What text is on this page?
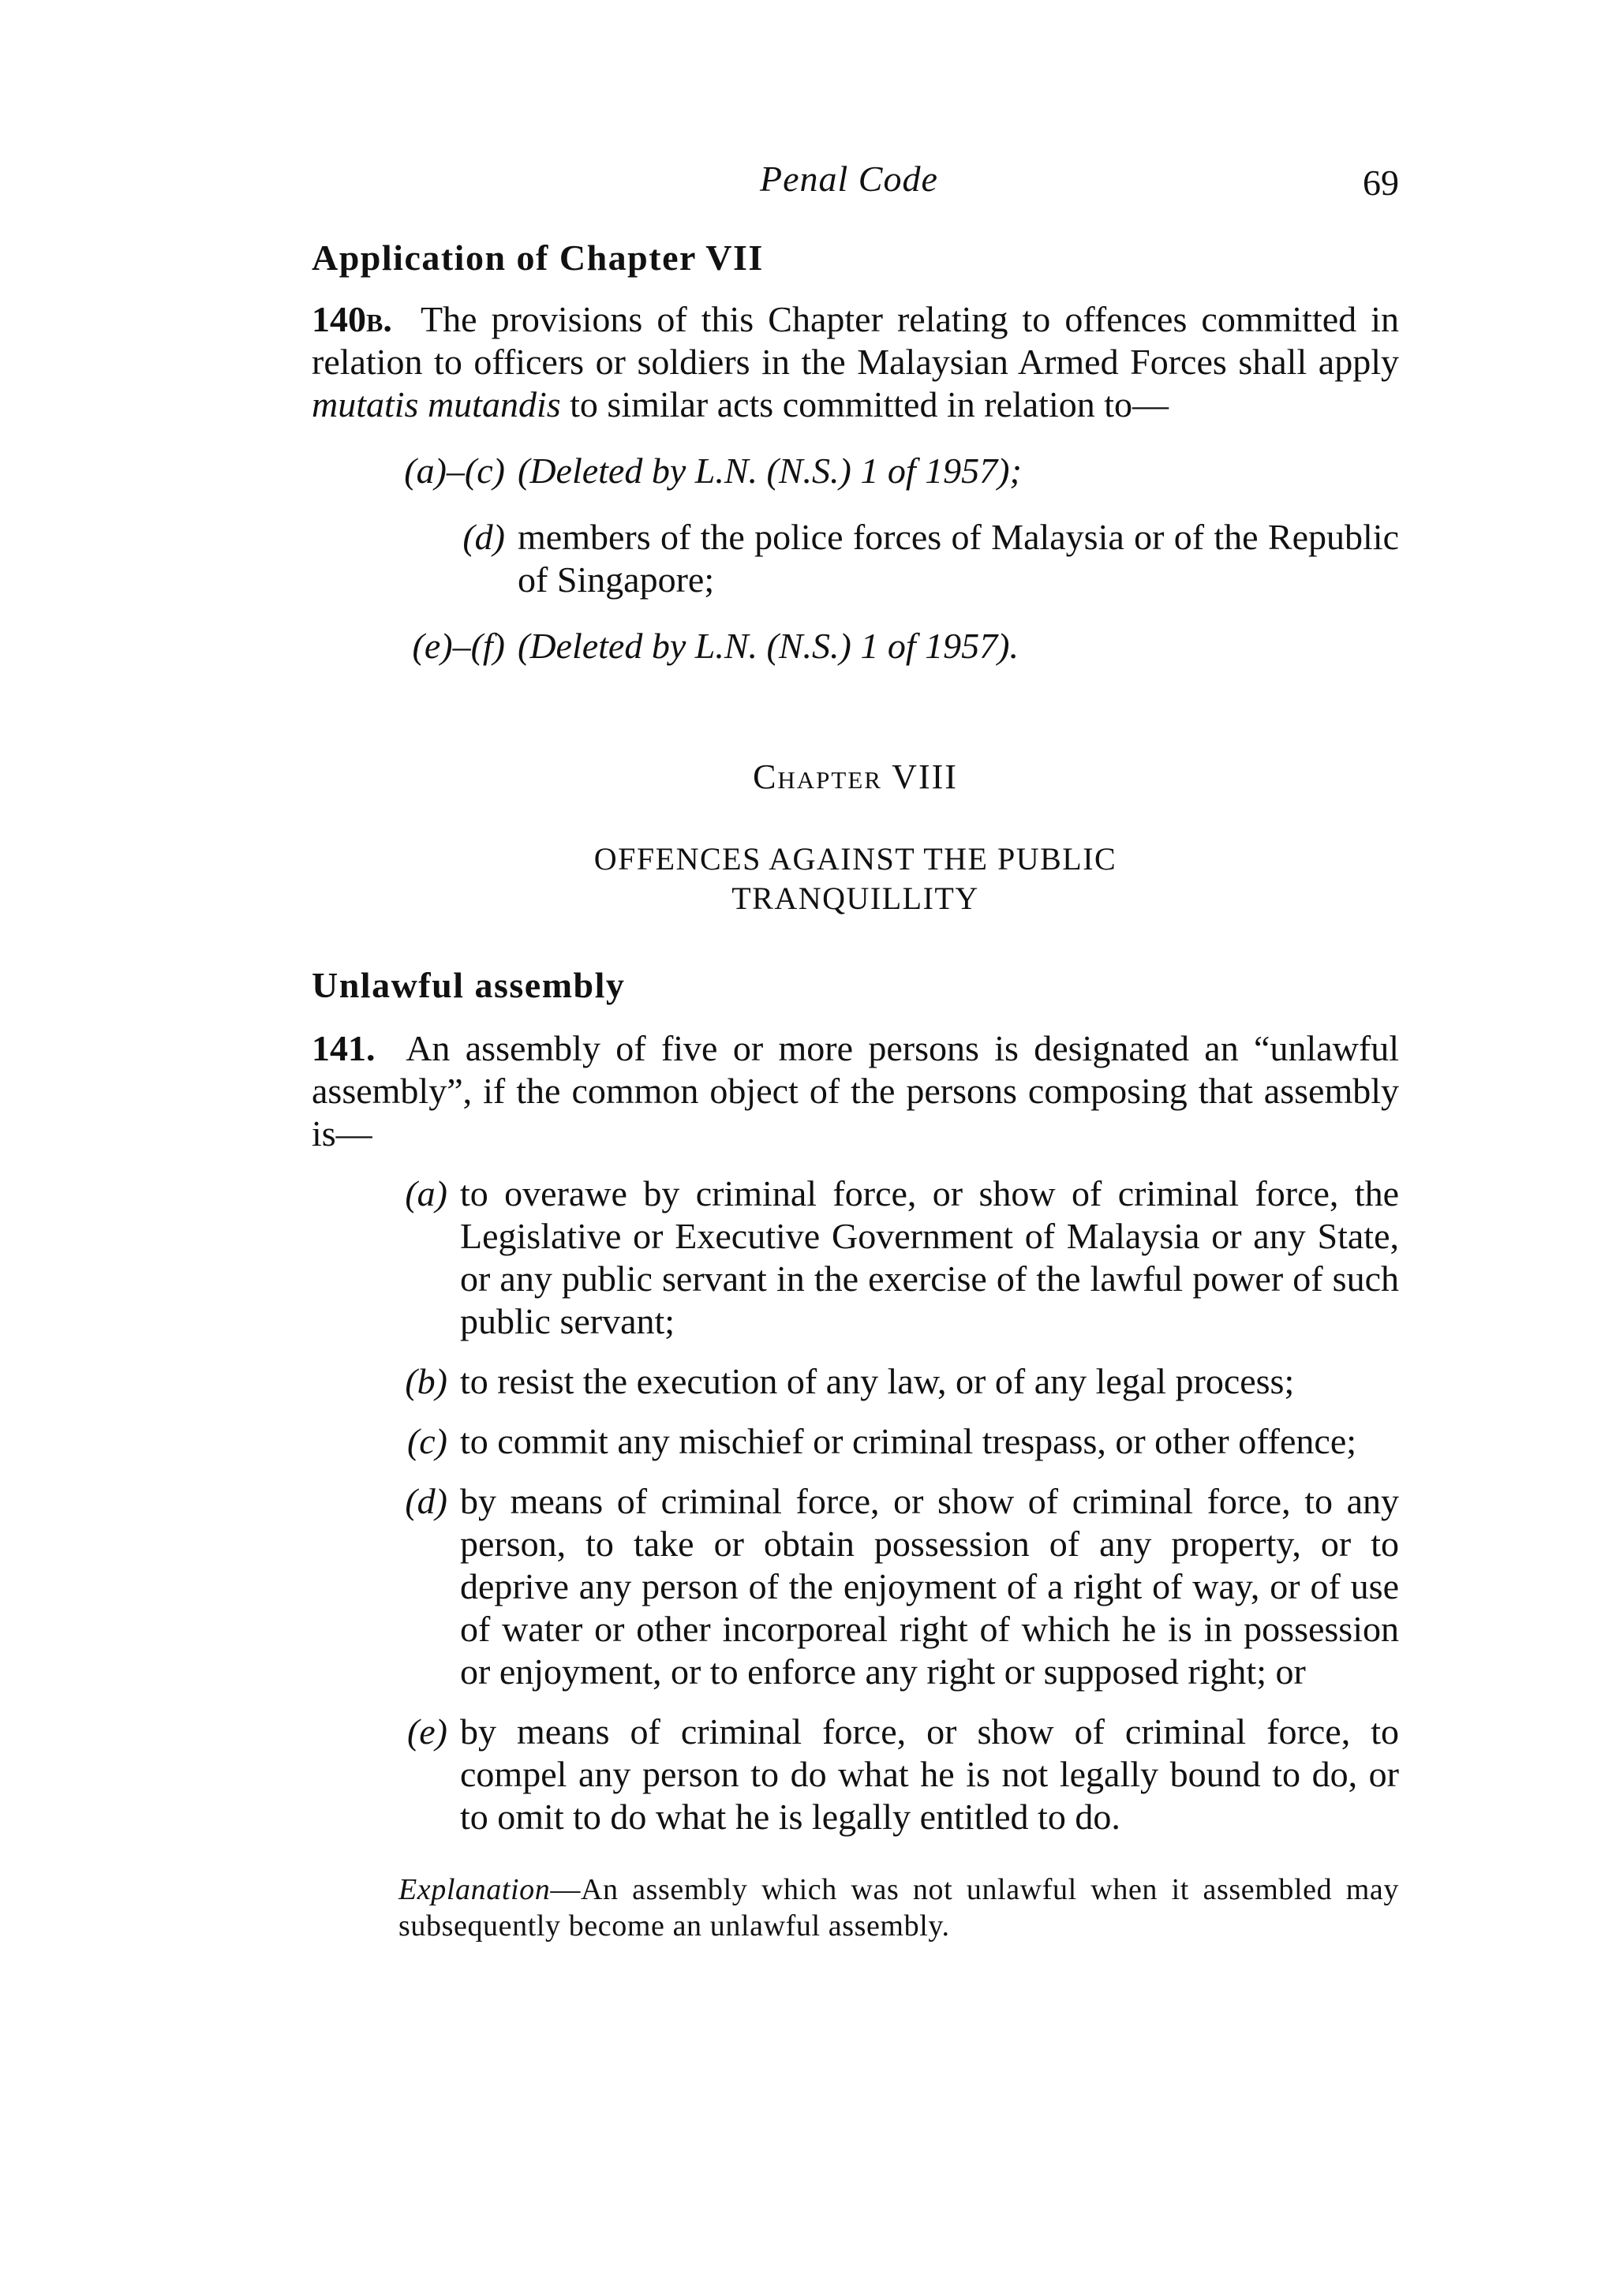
Penal Code	69
Application of Chapter VII

140b. The provisions of this Chapter relating to offences committed in relation to officers or soldiers in the Malaysian Armed Forces shall apply mutatis mutandis to similar acts committed in relation to—

(a)–(c) (Deleted by L.N. (N.S.) 1 of 1957);
(d) members of the police forces of Malaysia or of the Republic of Singapore;
(e)–(f) (Deleted by L.N. (N.S.) 1 of 1957).
Chapter VIII
OFFENCES AGAINST THE PUBLIC
TRANQUILLITY
Unlawful assembly

141. An assembly of five or more persons is designated an “unlawful assembly”, if the common object of the persons composing that assembly is—

(a) to overawe by criminal force, or show of criminal force, the Legislative or Executive Government of Malaysia or any State, or any public servant in the exercise of the lawful power of such public servant;
(b) to resist the execution of any law, or of any legal process;
(c) to commit any mischief or criminal trespass, or other offence;
(d) by means of criminal force, or show of criminal force, to any person, to take or obtain possession of any property, or to deprive any person of the enjoyment of a right of way, or of use of water or other incorporeal right of which he is in possession or enjoyment, or to enforce any right or supposed right; or
(e) by means of criminal force, or show of criminal force, to compel any person to do what he is not legally bound to do, or to omit to do what he is legally entitled to do.

Explanation—An assembly which was not unlawful when it assembled may subsequently become an unlawful assembly.
